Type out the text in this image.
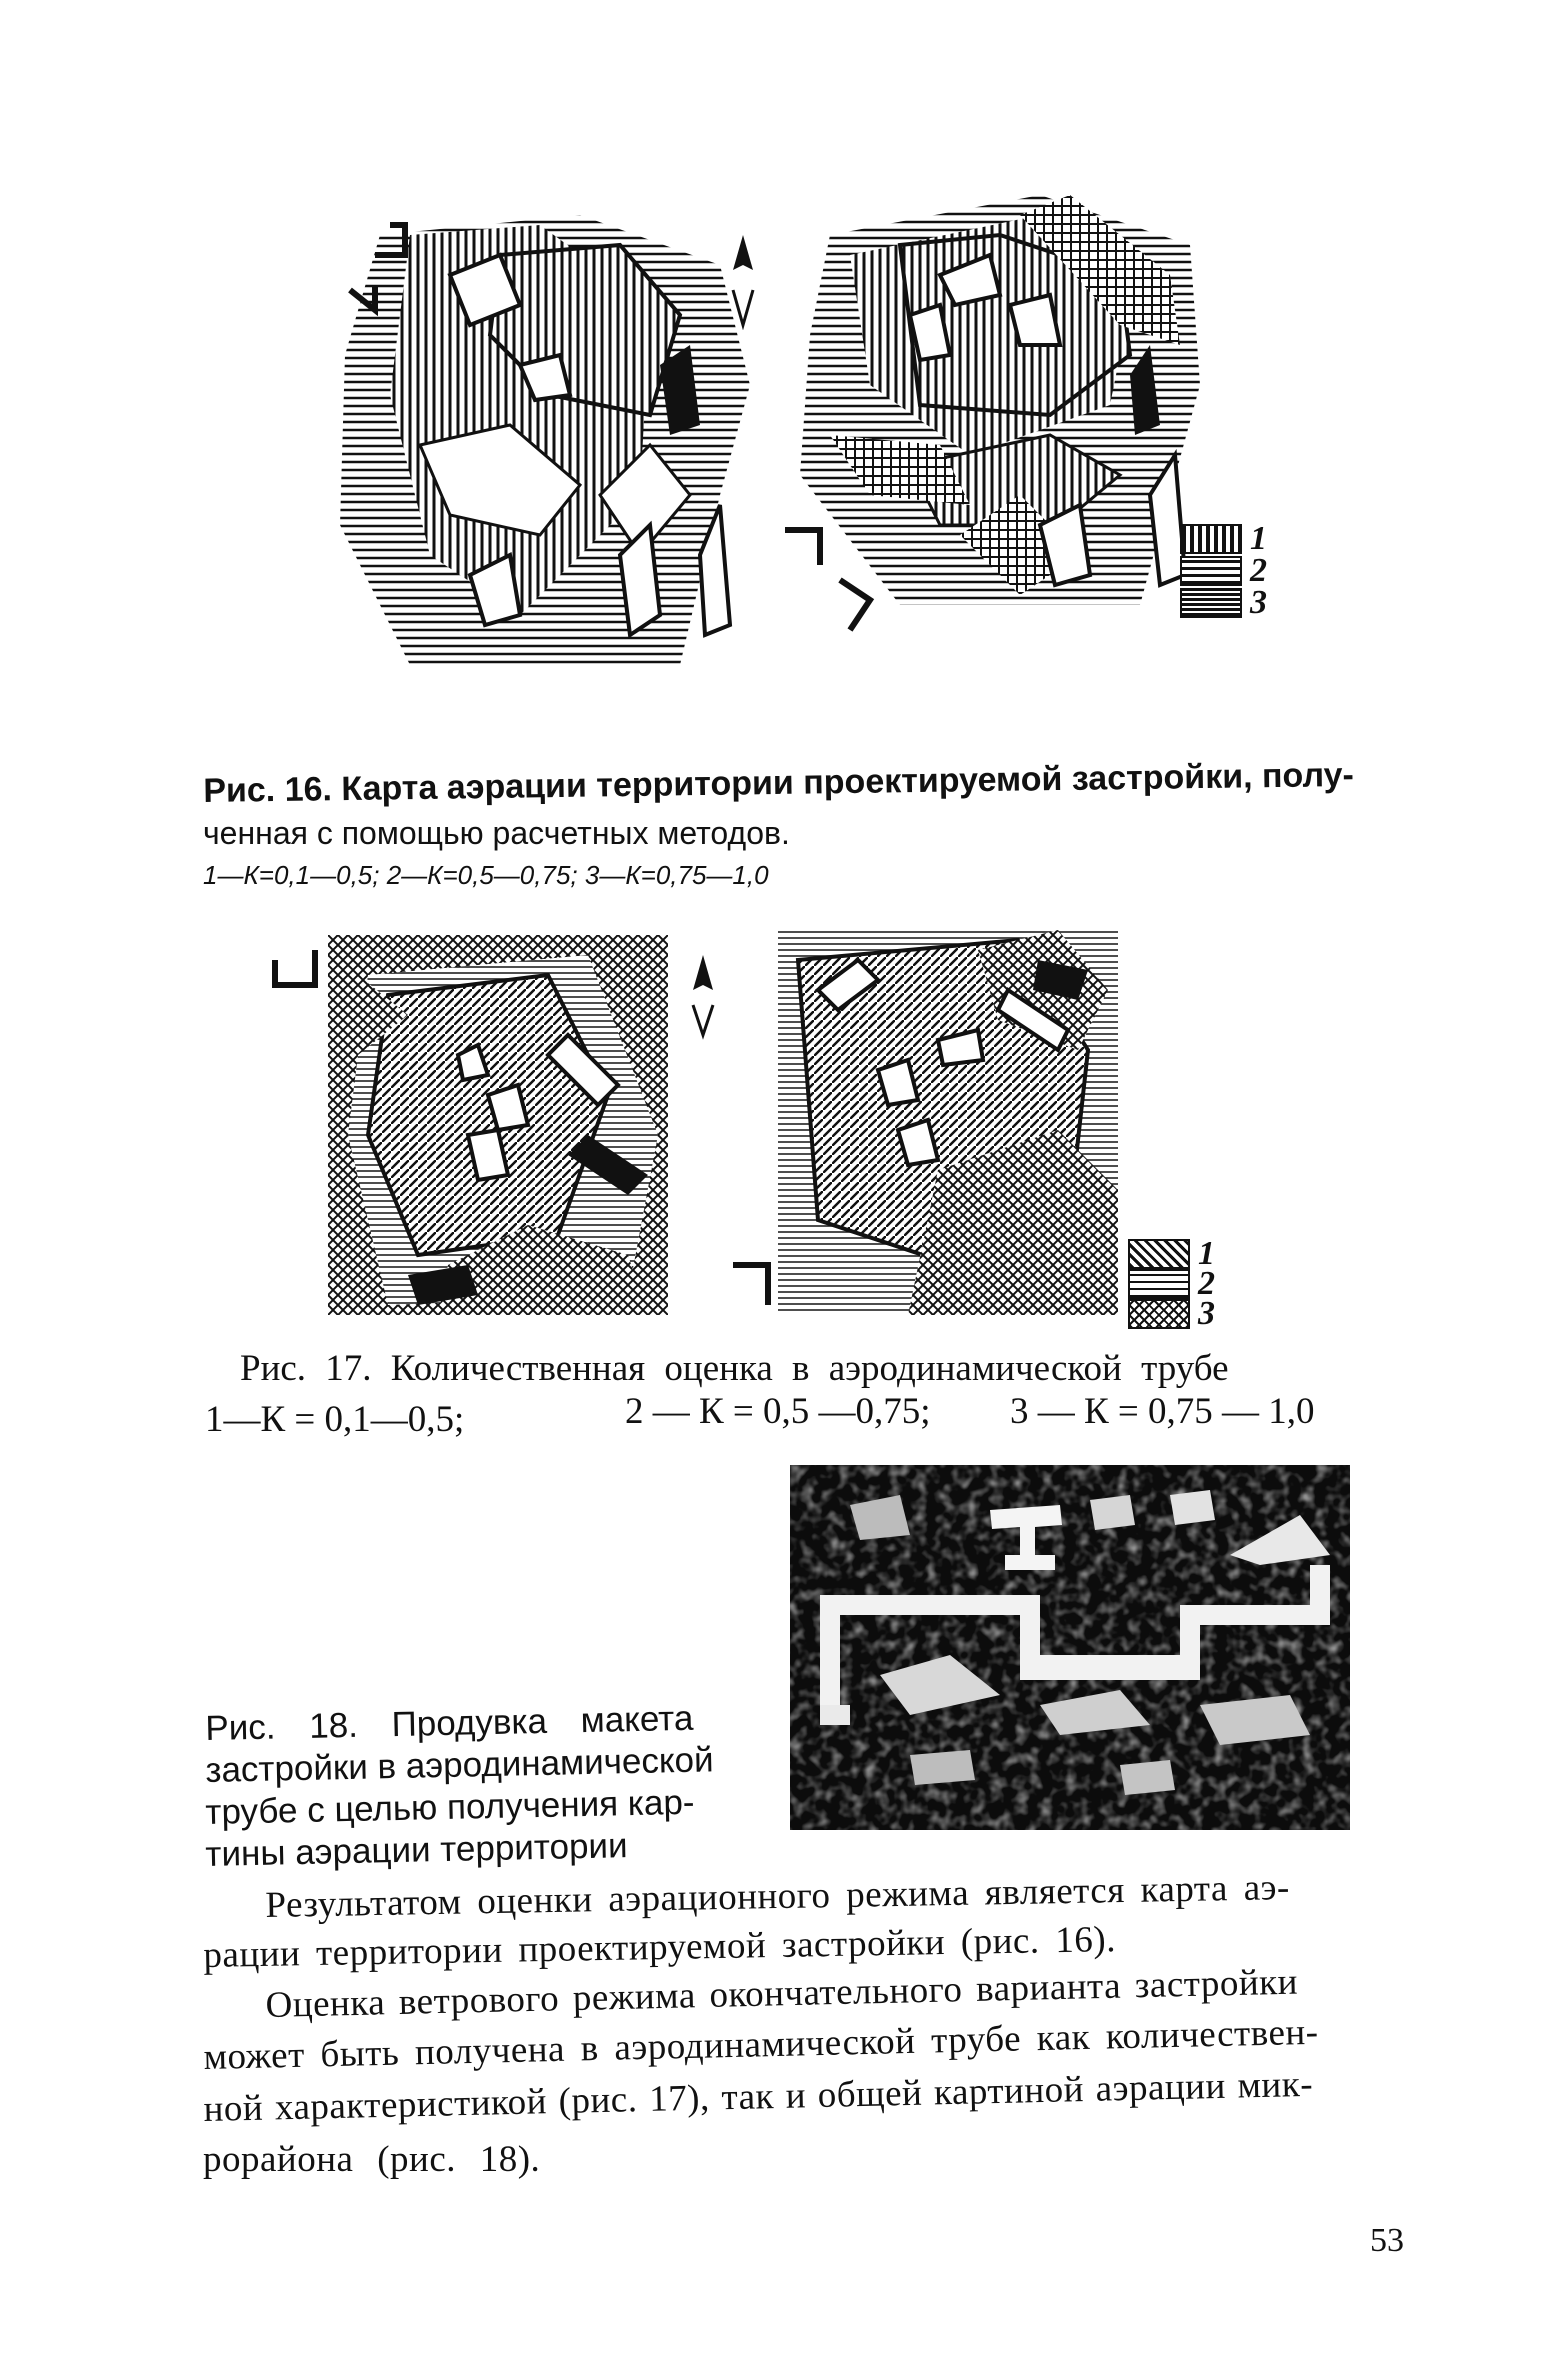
1
2
3
Рис. 16. Карта аэрации территории проектируемой застройки, полу-
ченная с помощью расчетных методов.
1—К=0,1—0,5; 2—К=0,5—0,75; 3—К=0,75—1,0
1
2
3
Рис. 17. Количественная оценка в аэродинамической трубе
1—К = 0,1—0,5;	2 — К = 0,5 —0,75; 3 — К = 0,75 — 1,0
Рис. 18. Продувка макета
застройки в аэродинамической
трубе с целью получения кар-
тины аэрации территории
Результатом оценки аэрационного режима является карта аэ-
рации территории проектируемой застройки (рис. 16).
Оценка ветрового режима окончательного варианта застройки
может быть получена в аэродинамической трубе как количествен-
ной характеристикой (рис. 17), так и общей картиной аэрации мик-
рорайона (рис. 18).
53
